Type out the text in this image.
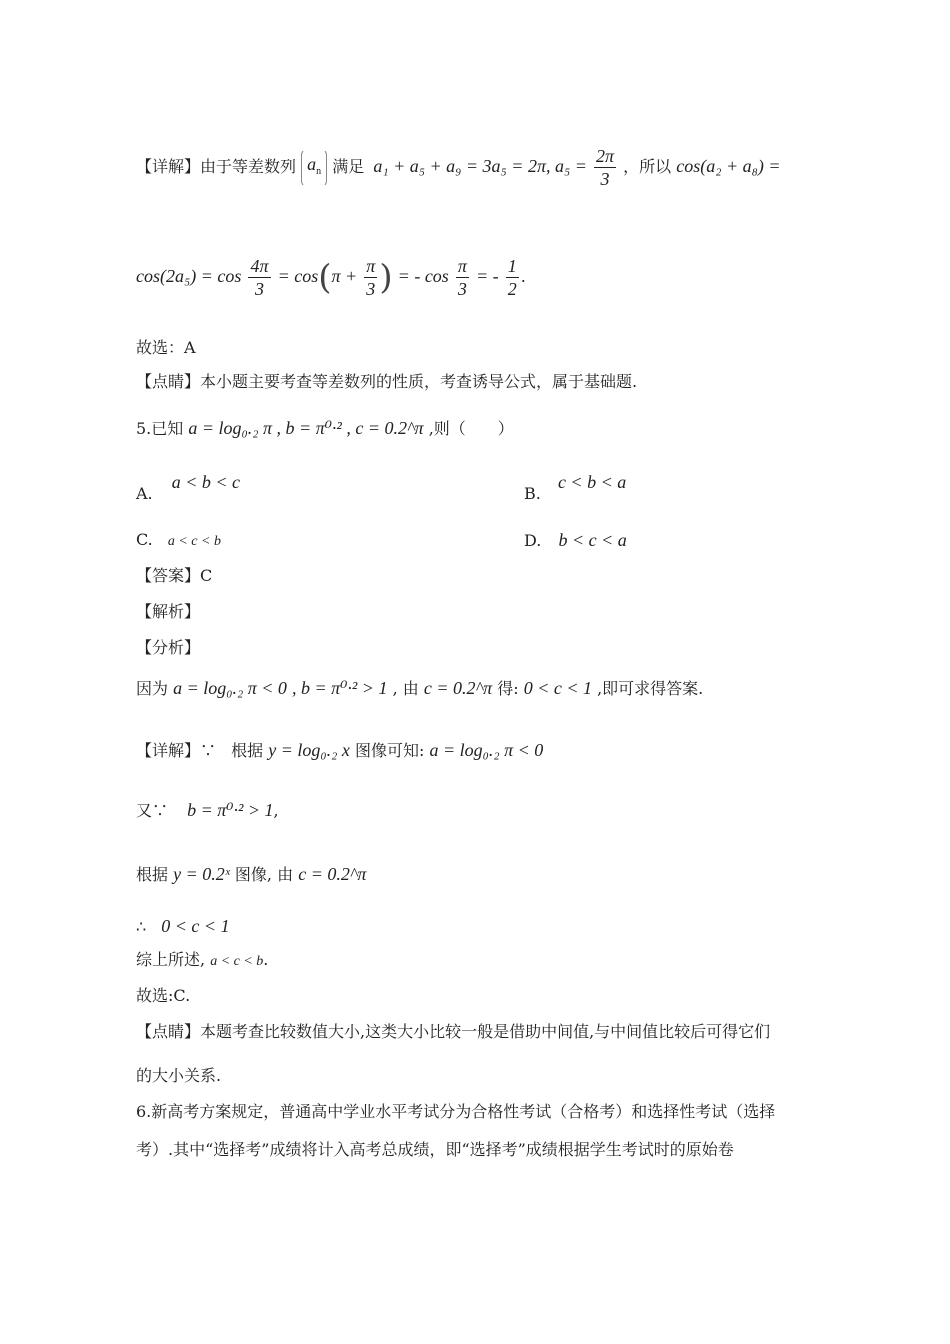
【详解】由于等差数列 $a_n$ 满足 a₁ + a₅ + a₉ = 3a₅ = 2π, $a_5 = \frac{2\pi}{3}$ ，所以 cos(a₂ + a₈) =
$\cos(2a_5) = \cos \frac{4\pi}{3} = \cos(\pi + \frac{\pi}{3}$ ) = - $\cos \frac{\pi}{3}$ = - $\frac{1}{2}$ .
故选：A
【点睛】本小题主要考查等差数列的性质，考查诱导公式，属于基础题.
5.已知 a = log₀.₂ π , b = π⁰·² , c = 0.2^π ,则（　　）
A. a < b < c
B. c < b < a
C. a < c < b	D. b < c < a
【答案】C
【解析】
【分析】
因为 a = log₀.₂ π < 0 , b = π⁰·² > 1 , 由 c = 0.2^π 得: 0 < c < 1 ,即可求得答案.
【详解】∵ 根据 y = log₀.₂ x 图像可知: a = log₀.₂ π < 0
又∵ b = π⁰·² > 1,
根据 y = 0.2ˣ 图像, 由 c = 0.2^π
∴ 0 < c < 1
综上所述, a < c < b.
故选:C.
【点睛】本题考查比较数值大小,这类大小比较一般是借助中间值,与中间值比较后可得它们
的大小关系.
6.新高考方案规定，普通高中学业水平考试分为合格性考试（合格考）和选择性考试（选择
考）.其中“选择考”成绩将计入高考总成绩，即“选择考”成绩根据学生考试时的原始卷
